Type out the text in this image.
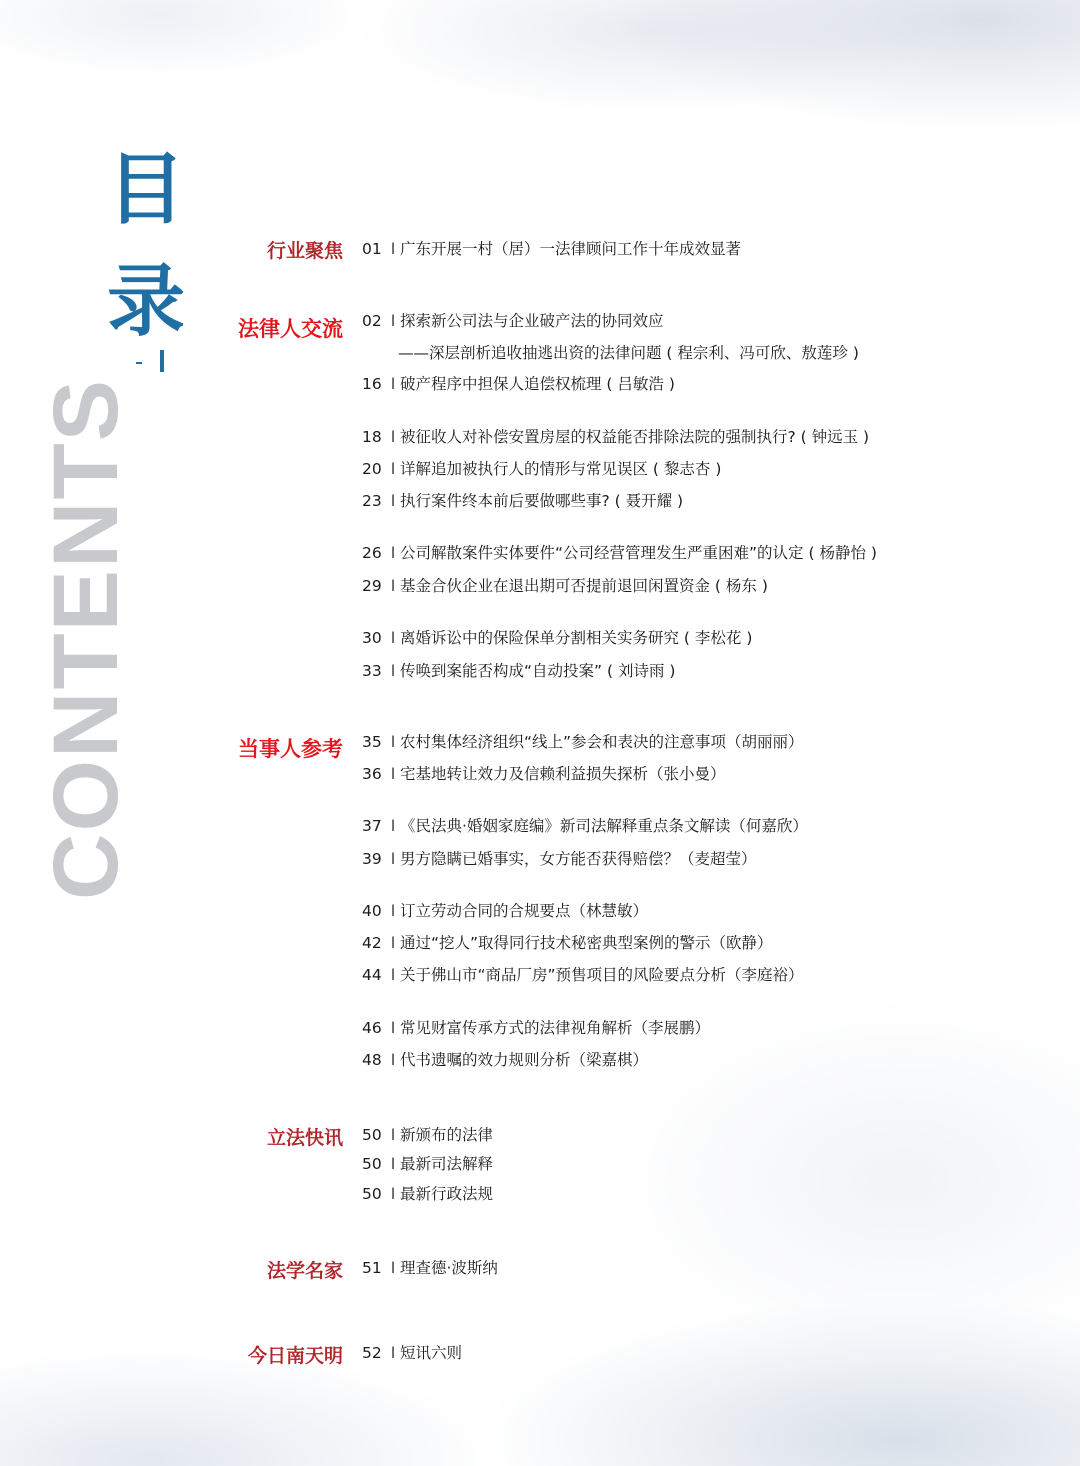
目
录
CONTENTS
行业聚焦
法律人交流
当事人参考
立法快讯
法学名家
今日南天明
01 l 广东开展一村（居）一法律顾问工作十年成效显著
02 l 探索新公司法与企业破产法的协同效应
——深层剖析追收抽逃出资的法律问题 ( 程宗利、冯可欣、敖莲珍 )
16 l 破产程序中担保人追偿权梳理 ( 吕敏浩 )
18 l 被征收人对补偿安置房屋的权益能否排除法院的强制执行? ( 钟远玉 )
20 l 详解追加被执行人的情形与常见误区 ( 黎志杏 )
23 l 执行案件终本前后要做哪些事? ( 聂开耀 )
26 l 公司解散案件实体要件“公司经营管理发生严重困难”的认定 ( 杨静怡 )
29 l 基金合伙企业在退出期可否提前退回闲置资金 ( 杨东 )
30 l 离婚诉讼中的保险保单分割相关实务研究 ( 李松花 )
33 l 传唤到案能否构成“自动投案” ( 刘诗雨 )
35 l 农村集体经济组织“线上”参会和表决的注意事项（胡丽丽）
36 l 宅基地转让效力及信赖利益损失探析（张小曼）
37 l 《民法典·婚姻家庭编》新司法解释重点条文解读（何嘉欣）
39 l 男方隐瞒已婚事实，女方能否获得赔偿？（麦超莹）
40 l 订立劳动合同的合规要点（林慧敏）
42 l 通过“挖人”取得同行技术秘密典型案例的警示（欧静）
44 l 关于佛山市“商品厂房”预售项目的风险要点分析（李庭裕）
46 l 常见财富传承方式的法律视角解析（李展鹏）
48 l 代书遗嘱的效力规则分析（梁嘉棋）
50 l 新颁布的法律
50 l 最新司法解释
50 l 最新行政法规
51 l 理查德·波斯纳
52 l 短讯六则
